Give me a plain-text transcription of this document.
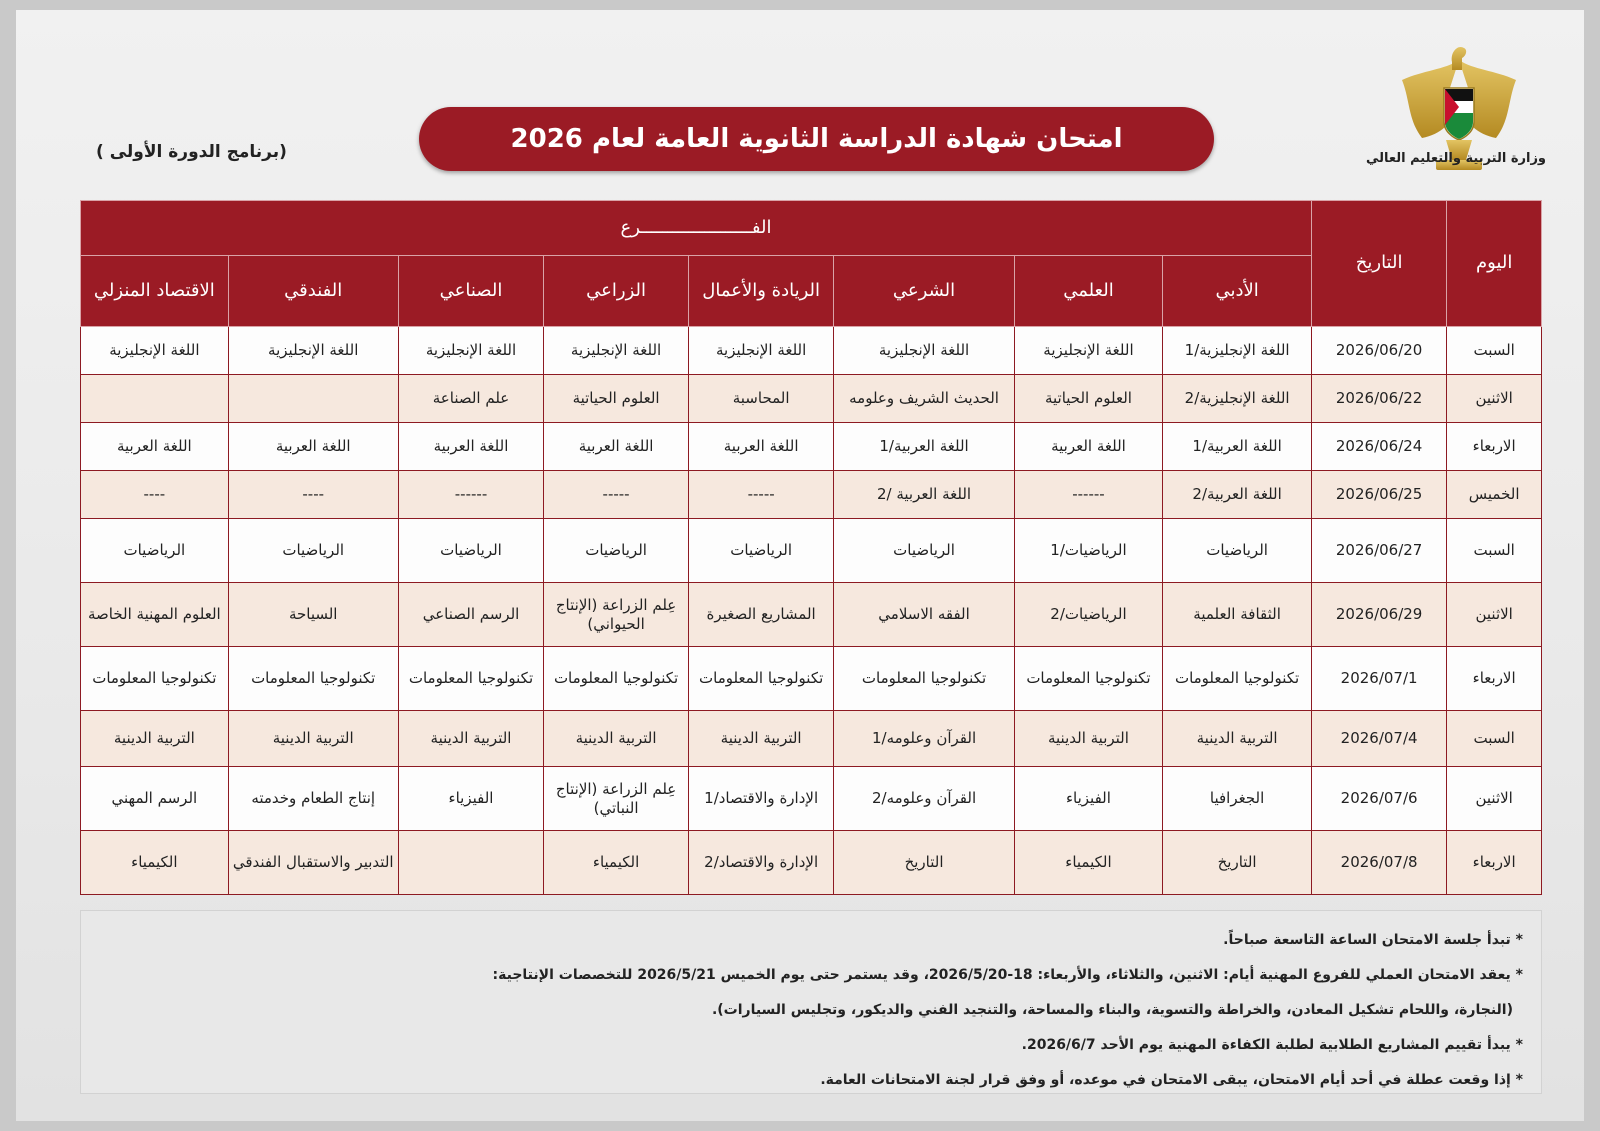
وزارة التربية والتعليم العالي
امتحان شهادة الدراسة الثانوية العامة لعام 2026
(برنامج الدورة الأولى )
اليوم	التاريخ	الفـــــــــــــــــــــرع							
		الأدبي	العلمي	الشرعي	الريادة والأعمال	الزراعي	الصناعي	الفندقي	الاقتصاد المنزلي
السبت	2026/06/20	اللغة الإنجليزية/1	اللغة الإنجليزية	اللغة الإنجليزية	اللغة الإنجليزية	اللغة الإنجليزية	اللغة الإنجليزية	اللغة الإنجليزية	اللغة الإنجليزية
الاثنين	2026/06/22	اللغة الإنجليزية/2	العلوم الحياتية	الحديث الشريف وعلومه	المحاسبة	العلوم الحياتية	علم الصناعة		
الاربعاء	2026/06/24	اللغة العربية/1	اللغة العربية	اللغة العربية/1	اللغة العربية	اللغة العربية	اللغة العربية	اللغة العربية	اللغة العربية
الخميس	2026/06/25	اللغة العربية/2	------	اللغة العربية /2	-----	-----	------	----	----
السبت	2026/06/27	الرياضيات	الرياضيات/1	الرياضيات	الرياضيات	الرياضيات	الرياضيات	الرياضيات	الرياضيات
الاثنين	2026/06/29	الثقافة العلمية	الرياضيات/2	الفقه الاسلامي	المشاريع الصغيرة	عِلم الزراعة (الإنتاج الحيواني)	الرسم الصناعي	السياحة	العلوم المهنية الخاصة
الاربعاء	2026/07/1	تكنولوجيا المعلومات	تكنولوجيا المعلومات	تكنولوجيا المعلومات	تكنولوجيا المعلومات	تكنولوجيا المعلومات	تكنولوجيا المعلومات	تكنولوجيا المعلومات	تكنولوجيا المعلومات
السبت	2026/07/4	التربية الدينية	التربية الدينية	القرآن وعلومه/1	التربية الدينية	التربية الدينية	التربية الدينية	التربية الدينية	التربية الدينية
الاثنين	2026/07/6	الجغرافيا	الفيزياء	القرآن وعلومه/2	الإدارة والاقتصاد/1	عِلم الزراعة (الإنتاج النباتي)	الفيزياء	إنتاج الطعام وخدمته	الرسم المهني
الاربعاء	2026/07/8	التاريخ	الكيمياء	التاريخ	الإدارة والاقتصاد/2	الكيمياء		التدبير والاستقبال الفندقي	الكيمياء

* تبدأ جلسة الامتحان الساعة التاسعة صباحاً.

* يعقد الامتحان العملي للفروع المهنية أيام: الاثنين، والثلاثاء، والأربعاء: 18-2026/5/20، وقد يستمر حتى يوم الخميس 2026/5/21 للتخصصات الإنتاجية:

(النجارة، واللحام تشكيل المعادن، والخراطة والتسوية، والبناء والمساحة، والتنجيد الفني والديكور، وتجليس السيارات).

* يبدأ تقييم المشاريع الطلابية لطلبة الكفاءة المهنية يوم الأحد 2026/6/7.

* إذا وقعت عطلة في أحد أيام الامتحان، يبقى الامتحان في موعده، أو وفق قرار لجنة الامتحانات العامة.
